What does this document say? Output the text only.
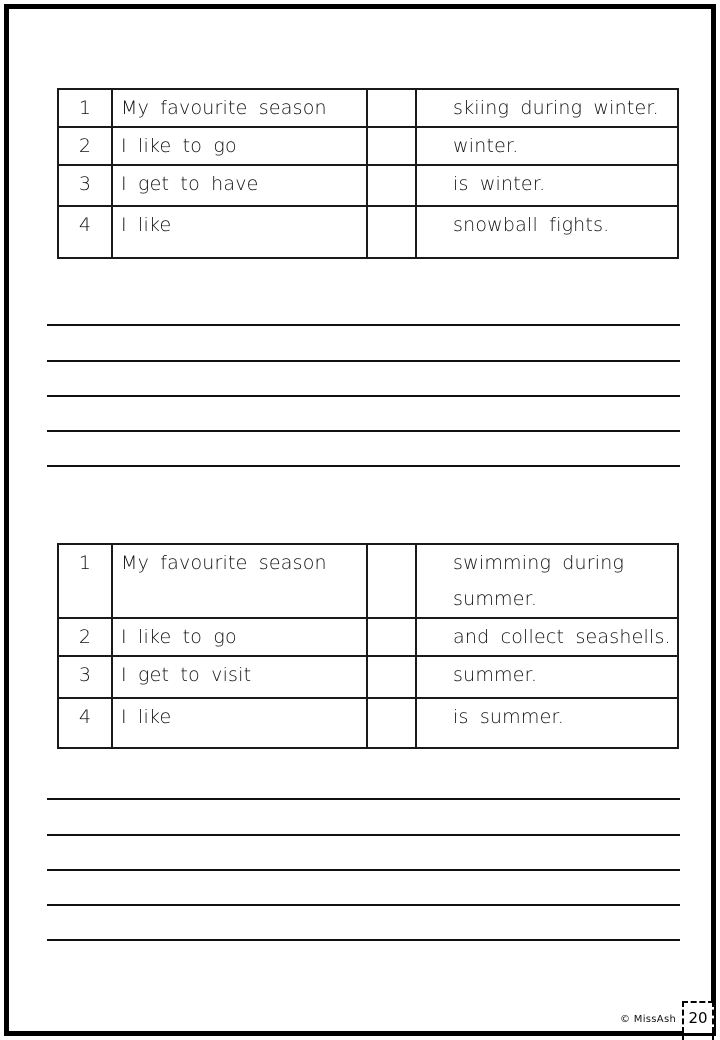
1	My favourite season		skiing during winter.
2	I like to go		winter.
3	I get to have		is winter.
4	I like		snowball fights.
1	My favourite season		swimming during summer.

2	I like to go		and collect seashells.
3	I get to visit		summer.
4	I like		is summer.
© MissAsh 20
